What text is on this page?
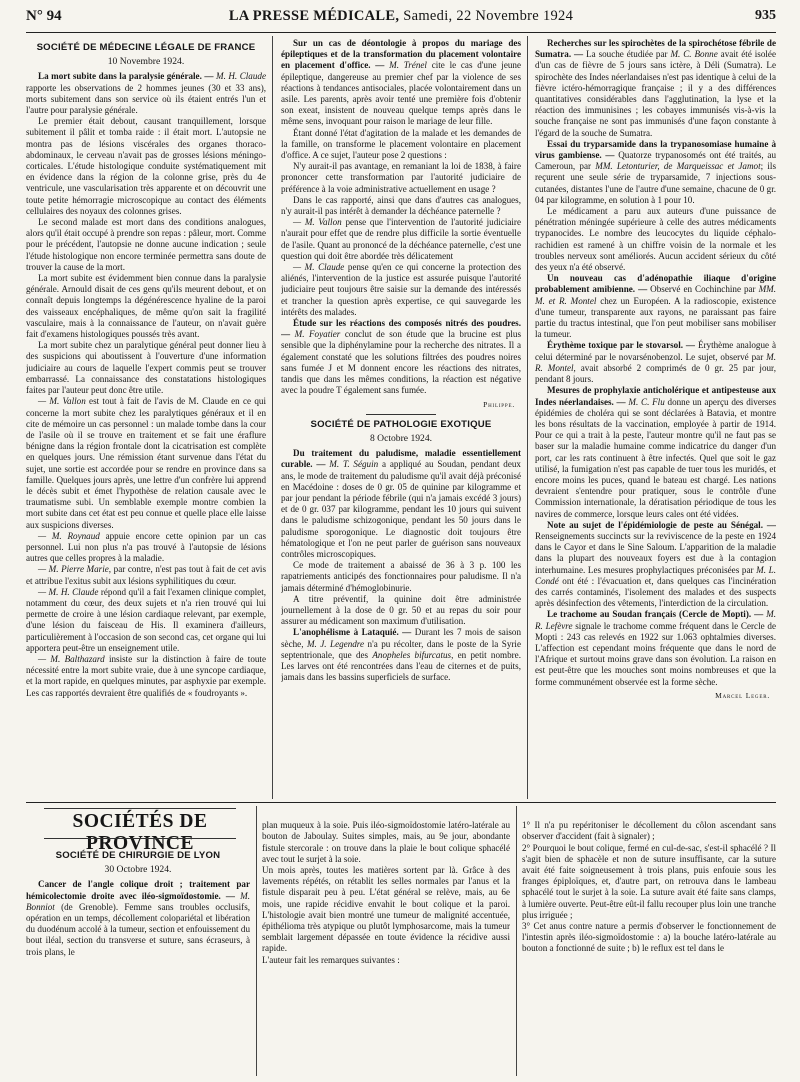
N° 94	LA PRESSE MÉDICALE, Samedi, 22 Novembre 1924	935
SOCIÉTÉ DE MÉDECINE LÉGALE DE FRANCE
10 Novembre 1924.

La mort subite dans la paralysie générale. — M. H. Claude rapporte les observations de 2 hommes jeunes (30 et 33 ans), morts subitement dans son service où ils étaient entrés l'un et l'autre pour paralysie générale.

Le premier était debout, causant tranquillement, lorsque subitement il pâlit et tomba raide : il était mort. L'autopsie ne montra pas de lésions viscérales des organes thoraco-abdominaux, le cerveau n'avait pas de grosses lésions méningo-corticales. L'étude histologique conduite systématiquement mit en évidence dans la région de la colonne grise, près du 4e ventricule, une vascularisation très apparente et on découvrit une toute petite hémorragie microscopique au contact des éléments cellulaires des noyaux des colonnes grises.

Le second malade est mort dans des conditions analogues, alors qu'il était occupé à prendre son repas : pâleur, mort. Comme pour le précédent, l'autopsie ne donne aucune indication ; seule l'étude histologique non encore terminée permettra sans doute de trouver la cause de la mort.

La mort subite est évidemment bien connue dans la paralysie générale. Arnould disait de ces gens qu'ils meurent debout, et on connaît depuis longtemps la dégénérescence hyaline de la paroi des vaisseaux encéphaliques, de même qu'on sait la fragilité vasculaire, mais à la connaissance de l'auteur, on n'avait guère fait d'examens histologiques poussés très avant.

La mort subite chez un paralytique général peut donner lieu à des suspicions qui aboutissent à l'ouverture d'une information judiciaire au cours de laquelle l'expert commis peut se trouver embarrassé. La connaissance des constatations histologiques faites par l'auteur peut donc être utile.

— M. Vallon est tout à fait de l'avis de M. Claude en ce qui concerne la mort subite chez les paralytiques généraux et il en cite de mémoire un cas personnel : un malade tombe dans la cour de l'asile où il se trouve en traitement et se fait une éraflure bénigne dans la région frontale dont la cicatrisation est complète en quelques jours. Une rémission étant survenue dans l'état du sujet, une sortie est accordée pour se rendre en province dans sa famille. Quelques jours après, une lettre d'un confrère lui apprend le décès subit et émet l'hypothèse de relation causale avec le traumatisme subi. Un semblable exemple montre combien la mort subite dans cet état est peu connue et quelle place elle laisse aux suspicions diverses.

— M. Roynaud appuie encore cette opinion par un cas personnel. Lui non plus n'a pas trouvé à l'autopsie de lésions autres que celles propres à la maladie.

— M. Pierre Marie, par contre, n'est pas tout à fait de cet avis et attribue l'exitus subit aux lésions syphilitiques du cœur.

— M. H. Claude répond qu'il a fait l'examen clinique complet, notamment du cœur, des deux sujets et n'a rien trouvé qui lui permette de croire à une lésion cardiaque relevant, par exemple, d'une lésion du faisceau de His. Il examinera d'ailleurs, particulièrement à l'occasion de son second cas, cet organe qui lui apportera peut-être un enseignement utile.

— M. Balthazard insiste sur la distinction à faire de toute nécessité entre la mort subite vraie, due à une syncope cardiaque, et la mort rapide, en quelques minutes, par asphyxie par exemple. Les cas rapportés devraient être qualifiés de « foudroyants ».

Sur un cas de déontologie à propos du mariage des épileptiques et de la transformation du placement volontaire en placement d'office. — M. Trénel cite le cas d'une jeune épileptique, dangereuse au premier chef par la violence de ses réactions à tendances antisociales, placée volontairement dans un asile. Les parents, après avoir tenté une première fois d'obtenir son exeat, insistent de nouveau quelque temps après dans le même sens, invoquant pour raison le mariage de leur fille.

Étant donné l'état d'agitation de la malade et les demandes de la famille, on transforme le placement volontaire en placement d'office. A ce sujet, l'auteur pose 2 questions :

N'y aurait-il pas avantage, en remaniant la loi de 1838, à faire prononcer cette transformation par l'autorité judiciaire de préférence à la voie administrative actuellement en usage ?

Dans le cas rapporté, ainsi que dans d'autres cas analogues, n'y aurait-il pas intérêt à demander la déchéance paternelle ?

— M. Vallon pense que l'intervention de l'autorité judiciaire n'aurait pour effet que de rendre plus difficile la sortie éventuelle de l'asile. Quant au prononcé de la déchéance paternelle, c'est une question qui doit être abordée très délicatement

— M. Claude pense qu'en ce qui concerne la protection des aliénés, l'intervention de la justice est assurée puisque l'autorité judiciaire peut toujours être saisie sur la demande des intéressés et trancher la question après expertise, ce qui sauvegarde les intérêts des malades.

Étude sur les réactions des composés nitrés des poudres. — M. Foyatier conclut de son étude que la brucine est plus sensible que la diphénylamine pour la recherche des nitrates. Il a également constaté que les solutions filtrées des poudres noires sans fumée J et M donnent encore les réactions des nitrates, tandis que dans les mêmes conditions, la réaction est négative avec la poudre T également sans fumée.

Philippe.
SOCIÉTÉ DE PATHOLOGIE EXOTIQUE
8 Octobre 1924.

Du traitement du paludisme, maladie essentiellement curable. — M. T. Séguin a appliqué au Soudan, pendant deux ans, le mode de traitement du paludisme qu'il avait déjà préconisé en Macédoine : doses de 0 gr. 05 de quinine par kilogramme et par jour pendant la période fébrile (qui n'a jamais excédé 3 jours) et de 0 gr. 037 par kilogramme, pendant les 10 jours qui suivent dans le paludisme schizogonique, pendant les 50 jours dans le paludisme sporogonique. Le diagnostic doit toujours être hématologique et l'on ne peut parler de guérison sans nouveaux contrôles microscopiques.

Ce mode de traitement a abaissé de 36 à 3 p. 100 les rapatriements anticipés des fonctionnaires pour paludisme. Il n'a jamais déterminé d'hémoglobinurie.

A titre préventif, la quinine doit être administrée journellement à la dose de 0 gr. 50 et au repas du soir pour assurer au médicament son maximum d'utilisation.

L'anophélisme à Lataquié. — Durant les 7 mois de saison sèche, M. J. Legendre n'a pu récolter, dans le poste de la Syrie septentrionale, que des Anopheles bifurcatus, en petit nombre. Les larves ont été rencontrées dans l'eau de citernes et de puits, jamais dans les bassins superficiels de surface.

Recherches sur les spirochètes de la spirochétose fébrile de Sumatra. — La souche étudiée par M. C. Bonne avait été isolée d'un cas de fièvre de 5 jours sans ictère, à Déli (Sumatra). Le spirochète des Indes néerlandaises n'est pas identique à celui de la fièvre ictéro-hémorragique française ; il y a des différences quantitatives considérables dans l'agglutination, la lyse et la réaction des immunisines ; les cobayes immunisés vis-à-vis la souche française ne sont pas immunisés d'une façon constante à l'égard de la souche de Sumatra.

Essai du tryparsamide dans la trypanosomiase humaine à virus gambiense. — Quatorze trypanosomés ont été traités, au Cameroun, par MM. Letonturier, de Marqueissac et Jamot; ils reçurent une seule série de tryparsamide, 7 injections sous-cutanées, distantes l'une de l'autre d'une semaine, chacune de 0 gr. 04 par kilogramme, en solution à 1 pour 10.

Le médicament a paru aux auteurs d'une puissance de pénétration méningée supérieure à celle des autres médicaments trypanocides. Le nombre des leucocytes du liquide céphalo-rachidien est ramené à un chiffre voisin de la normale et les troubles nerveux sont améliorés. Aucun accident sérieux du côté des yeux n'a été observé.

Un nouveau cas d'adénopathie iliaque d'origine probablement amibienne. — Observé en Cochinchine par MM. M. et R. Montel chez un Européen. A la radioscopie, existence d'une tumeur, transparente aux rayons, ne paraissant pas faire partie du tractus intestinal, que l'on peut mobiliser sans mobiliser la tumeur.

Érythème toxique par le stovarsol. — Érythème analogue à celui déterminé par le novarsénobenzol. Le sujet, observé par M. R. Montel, avait absorbé 2 comprimés de 0 gr. 25 par jour, pendant 8 jours.

Mesures de prophylaxie anticholérique et antipesteuse aux Indes néerlandaises. — M. C. Flu donne un aperçu des diverses épidémies de choléra qui se sont déclarées à Batavia, et montre les bons résultats de la vaccination, employée à partir de 1914. Pour ce qui a trait à la peste, l'auteur montre qu'il ne faut pas se baser sur la maladie humaine comme indicatrice du danger d'un port, car les rats continuent à être infectés. Quel que soit le gaz utilisé, la fumigation n'est pas capable de tuer tous les muridés, et encore moins les puces, quand le bateau est chargé. Les nations devraient s'entendre pour pratiquer, sous le contrôle d'une Commission internationale, la dératisation périodique de tous les navires de commerce, lorsque leurs cales ont été vidées.

Note au sujet de l'épidémiologie de peste au Sénégal. — Renseignements succincts sur la reviviscence de la peste en 1924 dans le Cayor et dans le Sine Saloum. L'apparition de la maladie dans la plupart des nouveaux foyers est due à la contagion interhumaine. Les mesures prophylactiques préconisées par M. L. Condé ont été : l'évacuation et, dans quelques cas l'incinération des carrés contaminés, l'isolement des malades et des suspects après désinfection des vêtements, l'interdiction de la circulation.

Le trachome au Soudan français (Cercle de Mopti). — M. R. Lefèvre signale le trachome comme fréquent dans le Cercle de Mopti : 243 cas relevés en 1922 sur 1.063 ophtalmies diverses. L'affection est cependant moins fréquente que dans le nord de l'Afrique et surtout moins grave dans son évolution. La raison en est peut-être que les mouches sont moins nombreuses et que la forme communément observée est la forme sèche.

Marcel Leger.
SOCIÉTÉS DE PROVINCE
SOCIÉTÉ DE CHIRURGIE DE LYON
30 Octobre 1924.

Cancer de l'angle colique droit ; traitement par hémicolectomie droite avec iléo-sigmoïdostomie. — M. Bonniot (de Grenoble). Femme sans troubles occlusifs, opération en un temps, décollement colopariétal et libération du duodénum accolé à la tumeur, section et enfouissement du bout iléal, section du transverse et suture, sans écraseurs, à trois plans, le

plan muqueux à la soie. Puis iléo-sigmoïdostomie latéro-latérale au bouton de Jaboulay. Suites simples, mais, au 9e jour, abondante fistule stercorale : on trouve dans la plaie le bout colique sphacélé avec tout le surjet à la soie.
Un mois après, toutes les matières sortent par là. Grâce à des lavements répétés, on rétablit les selles normales par l'anus et la fistule disparait peu à peu. L'état général se relève, mais, au 6e mois, une rapide récidive envahit le bout colique et la paroi. L'histologie avait bien montré une tumeur de malignité accentuée, épithélioma très atypique ou plutôt lymphosarcome, mais la tumeur semblait largement dépassée en toute évidence la récidive aussi rapide.
L'auteur fait les remarques suivantes :

1° Il n'a pu repéritoniser le décollement du côlon ascendant sans observer d'accident (fait à signaler) ;
2° Pourquoi le bout colique, fermé en cul-de-sac, s'est-il sphacélé ? Il s'agit bien de sphacèle et non de suture insuffisante, car la suture avait été faite soigneusement à trois plans, puis enfouie sous les franges épiploïques, et, d'autre part, on retrouva dans le lambeau sphacélé tout le surjet à la soie. La suture avait été faite sans clamps, à lumière ouverte. Peut-être eût-il fallu recouper plus loin une tranche plus irriguée ;
3° Cet anus contre nature a permis d'observer le fonctionnement de l'intestin après iléo-sigmoïdostomie : a) la bouche latéro-latérale au bouton a fonctionné de suite ; b) le reflux est tel dans le
